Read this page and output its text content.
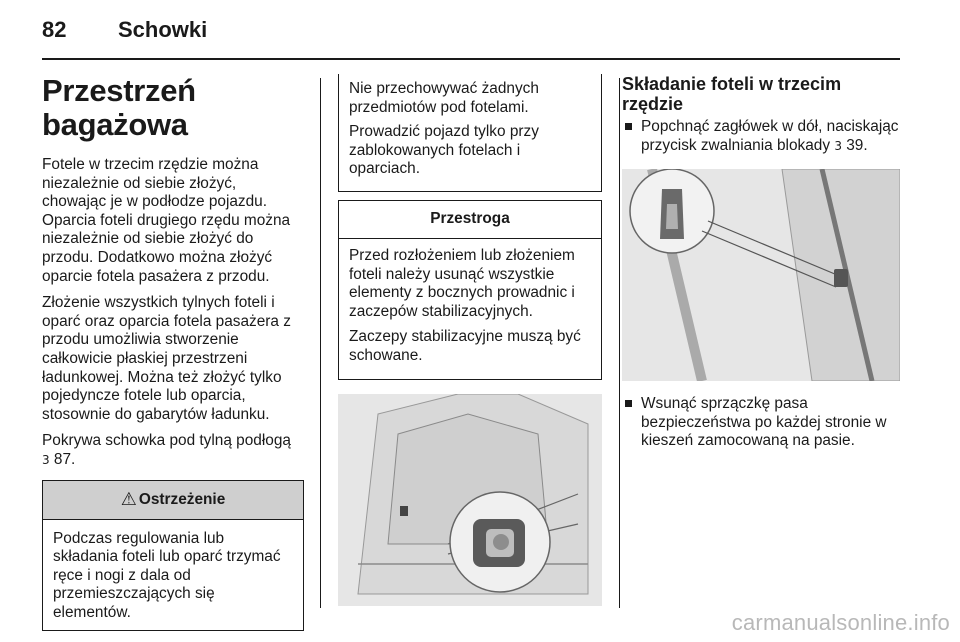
82 Schowki
Przestrzeń bagażowa

Fotele w trzecim rzędzie można niezależnie od siebie złożyć, chowając je w podłodze pojazdu. Oparcia foteli drugiego rzędu można niezależnie od siebie złożyć do przodu. Dodatkowo można złożyć oparcie fotela pasażera z przodu.

Złożenie wszystkich tylnych foteli i oparć oraz oparcia fotela pasażera z przodu umożliwia stworzenie całkowicie płaskiej przestrzeni ładunkowej. Można też złożyć tylko pojedyncze fotele lub oparcia, stosownie do gabarytów ładunku.

Pokrywa schowka pod tylną podłogą
3 87.

⚠ Ostrzeżenie

Podczas regulowania lub składania foteli lub oparć trzymać ręce i nogi z dala od przemieszczających się elementów.

Nie przechowywać żadnych przedmiotów pod fotelami.

Prowadzić pojazd tylko przy zablokowanych fotelach i oparciach.

Przestroga

Przed rozłożeniem lub złożeniem foteli należy usunąć wszystkie elementy z bocznych prowadnic i zaczepów stabilizacyjnych.

Zaczepy stabilizacyjne muszą być schowane.

Składanie foteli w trzecim rzędzie
Popchnąć zagłówek w dół, naciskając przycisk zwalniania blokady 3 39.
Wsunąć sprzączkę pasa bezpieczeństwa po każdej stronie w kieszeń zamocowaną na pasie.
carmanualsonline.info
